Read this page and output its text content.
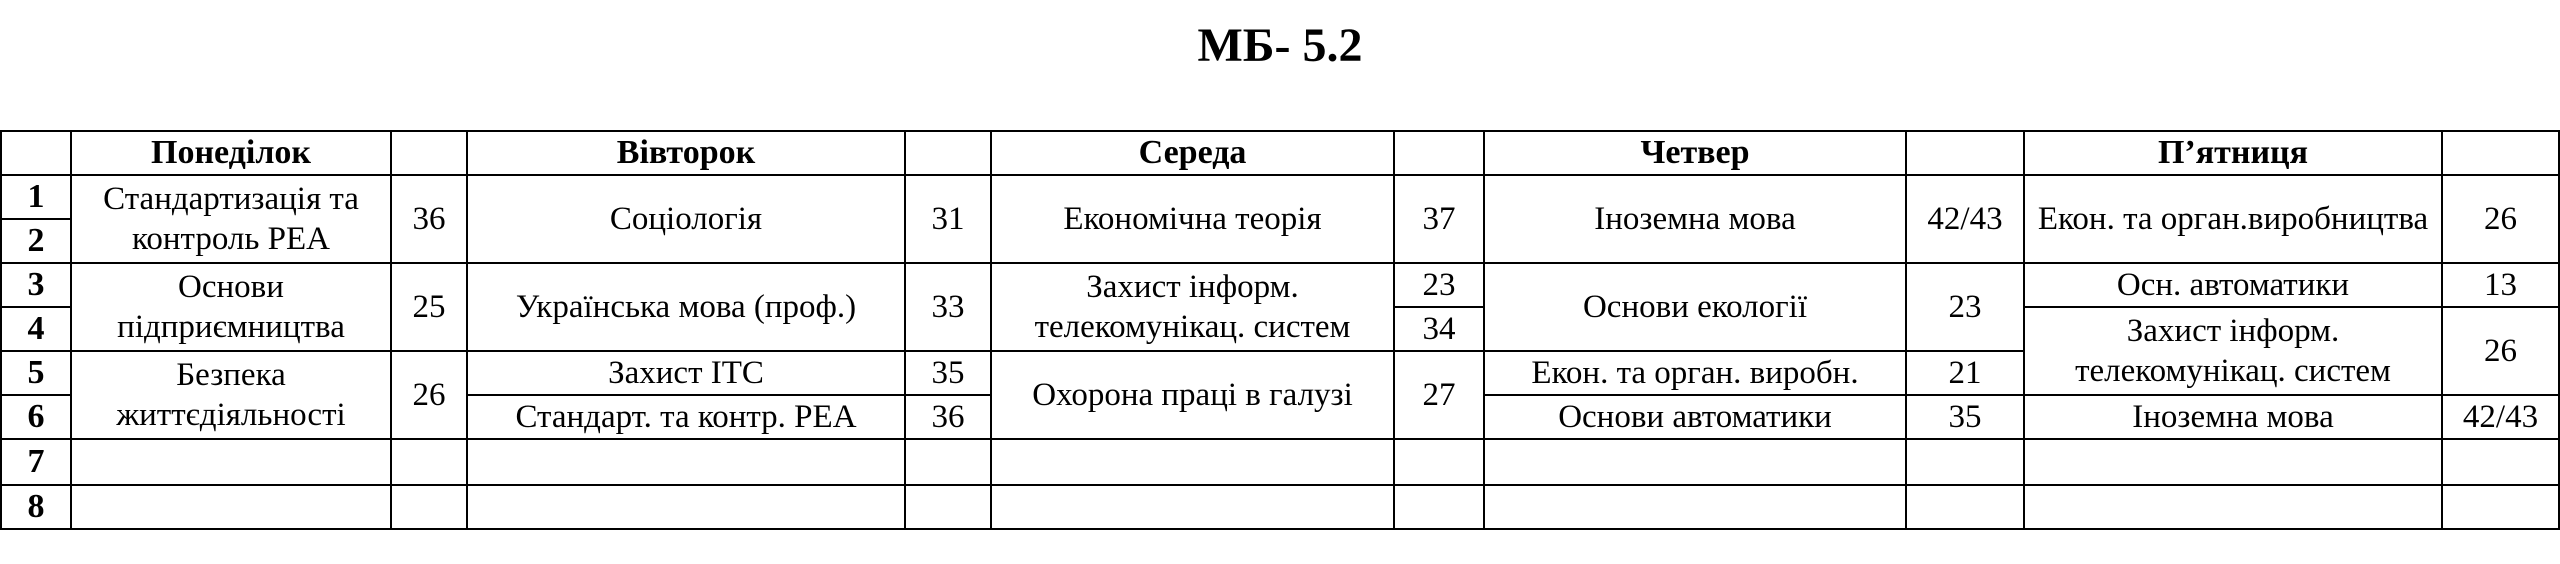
МБ- 5.2
	Понеділок		Вівторок		Середа		Четвер		П’ятниця	
1	Стандартизація та контроль РЕА	36	Соціологія	31	Економічна теорія	37	Іноземна мова	42/43	Екон. та орган.виробництва	26
2										
3	Основи підприємництва	25	Українська мова (проф.)	33	Захист інформ. телекомунікац. систем	23	Основи екології	23	Осн. автоматики	13
4						34			Захист інформ. телекомунікац. систем	26
5	Безпека життєдіяльності	26	Захист ІТС	35	Охорона праці в галузі	27	Екон. та орган. виробн.	21		
6			Стандарт. та контр. РЕА	36			Основи автоматики	35	Іноземна мова	42/43
7										
8										
